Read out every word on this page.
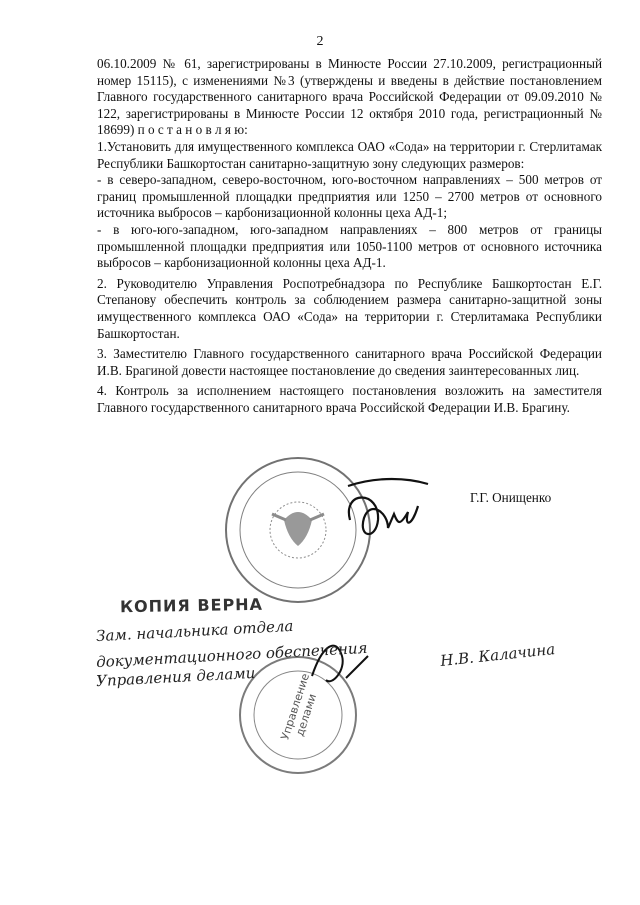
2

06.10.2009 № 61, зарегистрированы в Минюсте России 27.10.2009, регистрационный номер 15115), с изменениями №3 (утверждены и введены в действие постановлением Главного государственного санитарного врача Российской Федерации от 09.09.2010 № 122, зарегистрированы в Минюсте России 12 октября 2010 года, регистрационный № 18699) п о с т а н о в л я ю:

1.Установить для имущественного комплекса ОАО «Сода» на территории г. Стерлитамак Республики Башкортостан санитарно-защитную зону следующих размеров:

- в северо-западном, северо-восточном, юго-восточном направлениях – 500 метров от границ промышленной площадки предприятия или 1250 – 2700 метров от основного источника выбросов – карбонизационной колонны цеха АД-1;

- в юго-юго-западном, юго-западном направлениях – 800 метров от границы промышленной площадки предприятия или 1050-1100 метров от основного источника выбросов – карбонизационной колонны цеха АД-1.

2. Руководителю Управления Роспотребнадзора по Республике Башкортостан Е.Г. Степанову обеспечить контроль за соблюдением размера санитарно-защитной зоны имущественного комплекса ОАО «Сода» на территории г. Стерлитамака Республики Башкортостан.

3. Заместителю Главного государственного санитарного врача Российской Федерации И.В. Брагиной довести настоящее постановление до сведения заинтересованных лиц.

4. Контроль за исполнением настоящего постановления возложить на заместителя Главного государственного санитарного врача Российской Федерации И.В. Брагину.

Г.Г. Онищенко
КОПИЯ ВЕРНА
Зам. начальника отдела
документационного обеспечения
Управления делами
Н.В. Калачина
Управление делами
